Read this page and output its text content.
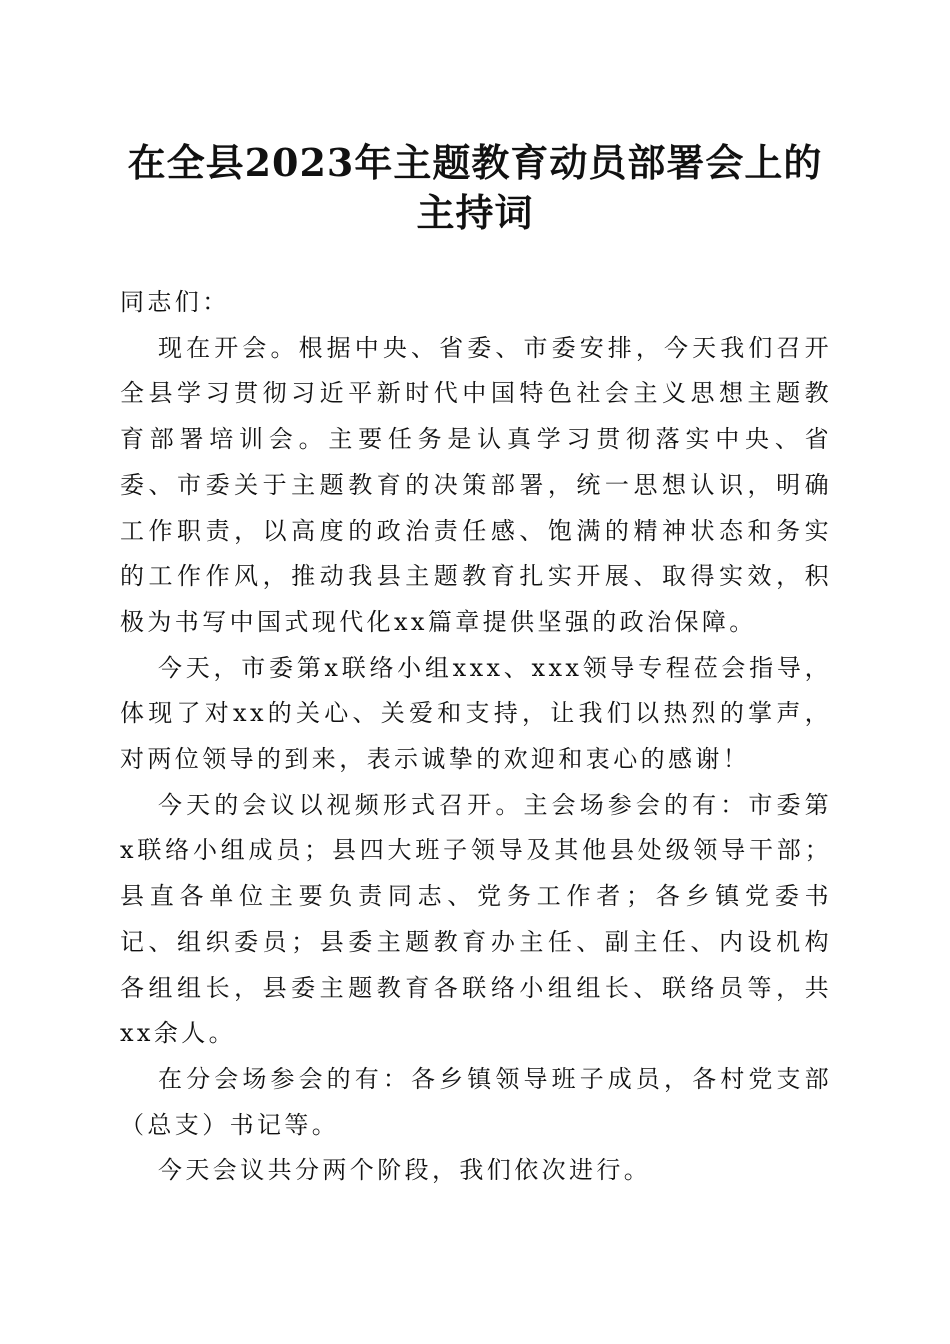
在全县2023年主题教育动员部署会上的主持词

同志们：

现在开会。根据中央、省委、市委安排，今天我们召开全县学习贯彻习近平新时代中国特色社会主义思想主题教育部署培训会。主要任务是认真学习贯彻落实中央、省委、市委关于主题教育的决策部署，统一思想认识，明确工作职责，以高度的政治责任感、饱满的精神状态和务实的工作作风，推动我县主题教育扎实开展、取得实效，积极为书写中国式现代化xx篇章提供坚强的政治保障。

今天，市委第x联络小组xxx、xxx领导专程莅会指导，体现了对xx的关心、关爱和支持，让我们以热烈的掌声，对两位领导的到来，表示诚挚的欢迎和衷心的感谢！

今天的会议以视频形式召开。主会场参会的有：市委第x联络小组成员；县四大班子领导及其他县处级领导干部；县直各单位主要负责同志、党务工作者；各乡镇党委书记、组织委员；县委主题教育办主任、副主任、内设机构各组组长，县委主题教育各联络小组组长、联络员等，共xx余人。

在分会场参会的有：各乡镇领导班子成员，各村党支部（总支）书记等。

今天会议共分两个阶段，我们依次进行。
